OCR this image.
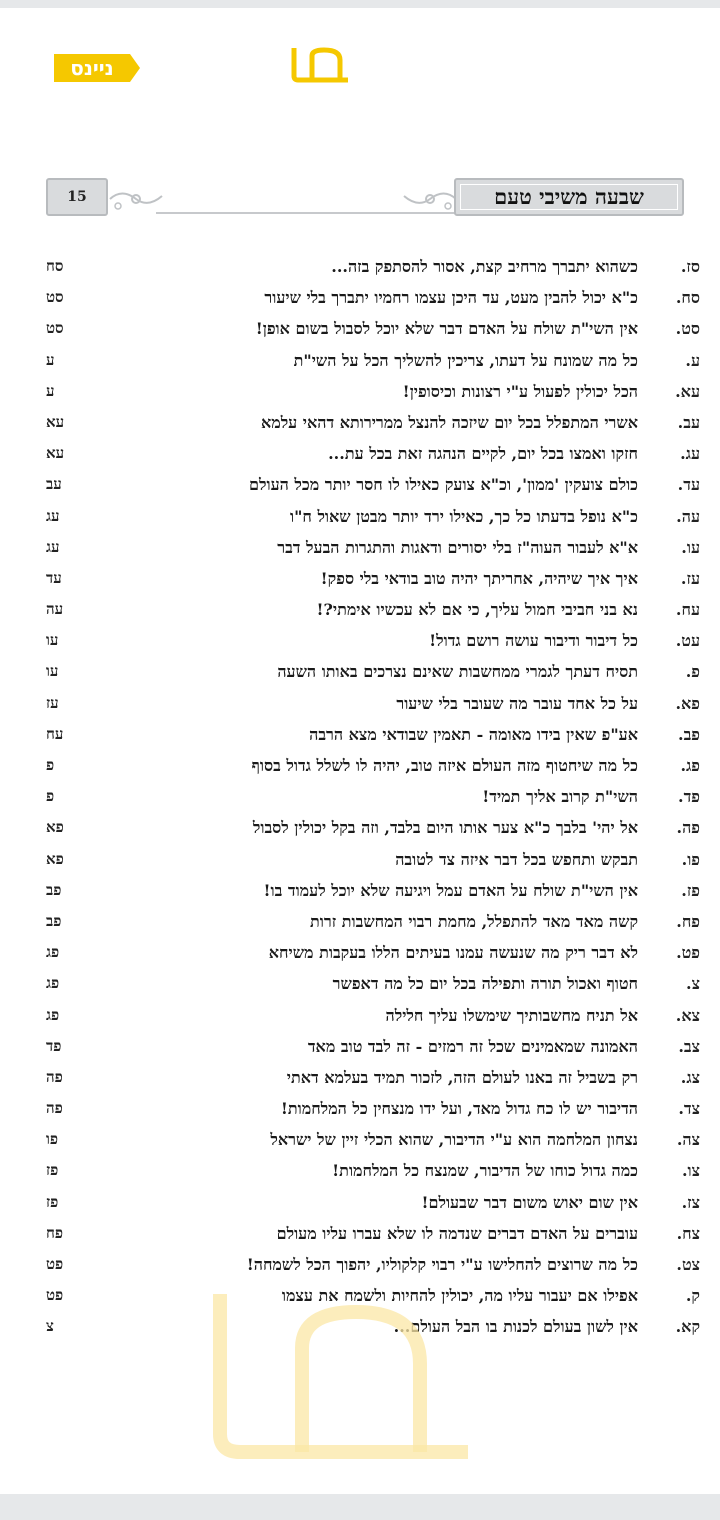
ניינס
15	שבעה משיבי טעם
סז.
כשהוא יתברך מרחיב קצת, אסור להסתפק בזה...
סח
סח.
כ"א יכול להבין מעט, עד היכן עצמו רחמיו יתברך בלי שיעור
סט
סט.
אין השי"ת שולח על האדם דבר שלא יוכל לסבול בשום אופן!
סט
ע.
כל מה שמונח על דעתו, צריכין להשליך הכל על השי"ת
ע
עא.
הכל יכולין לפעול ע"י רצונות וכיסופין!
ע
עב.
אשרי המתפלל בכל יום שיזכה להנצל ממרירותא דהאי עלמא
עא
עג.
חזקו ואמצו בכל יום, לקיים הנהגה זאת בכל עת...
עא
עד.
כולם צועקין 'ממון', וכ"א צועק כאילו לו חסר יותר מכל העולם
עב
עה.
כ"א נופל בדעתו כל כך, כאילו ירד יותר מבטן שאול ח"ו
עג
עו.
א"א לעבור העוה"ז בלי יסורים ודאגות והתגרות הבעל דבר
עג
עז.
איך איך שיהיה, אחריתך יהיה טוב בודאי בלי ספק!
עד
עח.
נא בני חביבי חמול עליך, כי אם לא עכשיו אימתי?!
עה
עט.
כל דיבור ודיבור עושה רושם גדול!
עו
פ.
תסיח דעתך לגמרי ממחשבות שאינם נצרכים באותו השעה
עו
פא.
על כל אחד עובר מה שעובר בלי שיעור
עז
פב.
אע"פ שאין בידו מאומה - תאמין שבודאי מצא הרבה
עח
פג.
כל מה שיחטוף מזה העולם איזה טוב, יהיה לו לשלל גדול בסוף
פ
פד.
השי"ת קרוב אליך תמיד!
פ
פה.
אל יהי' בלבך כ"א צער אותו היום בלבד, וזה בקל יכולין לסבול
פא
פו.
תבקש ותחפש בכל דבר איזה צד לטובה
פא
פז.
אין השי"ת שולח על האדם עמל ויגיעה שלא יוכל לעמוד בו!
פב
פח.
קשה מאד מאד להתפלל, מחמת רבוי המחשבות זרות
פב
פט.
לא דבר ריק מה שנעשה עמנו בעיתים הללו בעקבות משיחא
פג
צ.
חטוף ואכול תורה ותפילה בכל יום כל מה דאפשר
פג
צא.
אל תניח מחשבותיך שימשלו עליך חלילה
פג
צב.
האמונה שמאמינים שכל זה רמזים - זה לבד טוב מאד
פד
צג.
רק בשביל זה באנו לעולם הזה, לזכור תמיד בעלמא דאתי
פה
צד.
הדיבור יש לו כח גדול מאד, ועל ידו מנצחין כל המלחמות!
פה
צה.
נצחון המלחמה הוא ע"י הדיבור, שהוא הכלי זיין של ישראל
פו
צו.
כמה גדול כוחו של הדיבור, שמנצח כל המלחמות!
פז
צז.
אין שום יאוש משום דבר שבעולם!
פז
צח.
עוברים על האדם דברים שנדמה לו שלא עברו עליו מעולם
פח
צט.
כל מה שרוצים להחלישו ע"י רבוי קלקוליו, יהפוך הכל לשמחה!
פט
ק.
אפילו אם יעבור עליו מה, יכולין להחיות ולשמח את עצמו
פט
קא.
אין לשון בעולם לכנות בו הבל העולם...
צ
